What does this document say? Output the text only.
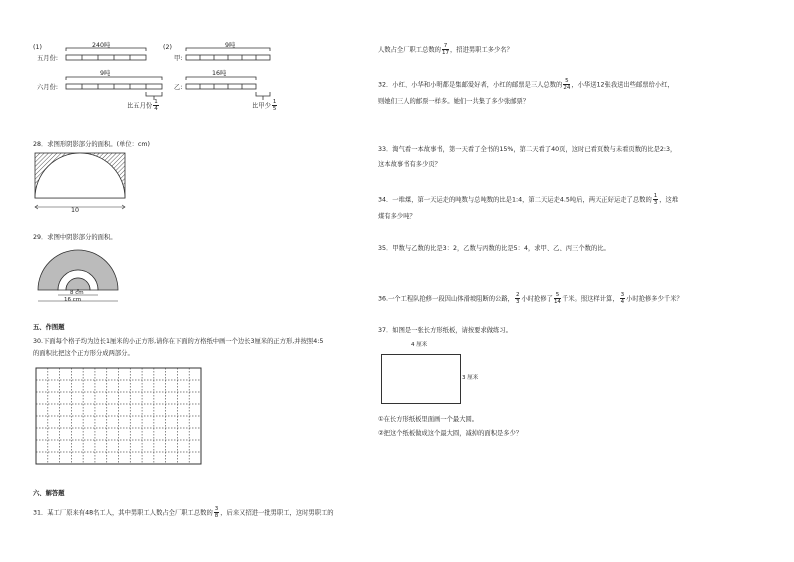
(1)	240吨
五月份:
9吨
六月份:
比五月份 $\frac{1}{4}$
(2)	9吨
甲:
16吨
乙:
比甲少 $\frac{1}{5}$
28．求图形阴影部分的面积。(单位：cm)
10
29．求图中阴影部分的面积。
8 cm
16 cm
五、作图题
30.下面每个格子均为边长1厘米的小正方形,请你在下面的方格纸中画一个边长3厘米的正方形,并按照4:5
的面积比把这个正方形分成两部分。
六、解答题
31．某工厂原来有48名工人，其中男职工人数占全厂职工总数的 $\frac{3}{8}$ ，后来又招进一批男职工，这时男职工的
人数占全厂职工总数的 $\frac{7}{17}$ ，招进男职工多少名？
32．小红、小华和小明都是集邮爱好者，小红的邮票是三人总数的 $\frac{5}{24}$ ，小华送12张我送出些邮票给小红，
则她们三人的邮票一样多。她们一共集了多少张邮票？
33．淘气看一本故事书，第一天看了全书的15%，第二天看了40页，这时已看页数与未看页数的比是2:3，
这本故事书有多少页？
34．一堆煤，第一天运走的吨数与总吨数的比是1:4，第二天运走4.5吨后，两天正好运走了总数的 $\frac{1}{3}$ ，这堆
煤有多少吨？
35．甲数与乙数的比是3：2，乙数与丙数的比是5：4，求甲、乙、丙三个数的比。
36.一个工程队抢修一段因山体滑坡阻断的公路， $\frac{2}{3}$ 小时抢修了 $\frac{5}{14}$ 千米。照这样计算， $\frac{3}{4}$ 小时抢修多少千米？
37．如图是一张长方形纸板，请按要求做练习。
4 厘米
3 厘米
①在长方形纸板里面画一个最大圆。
②把这个纸板做成这个最大圆，减掉的面积是多少？
